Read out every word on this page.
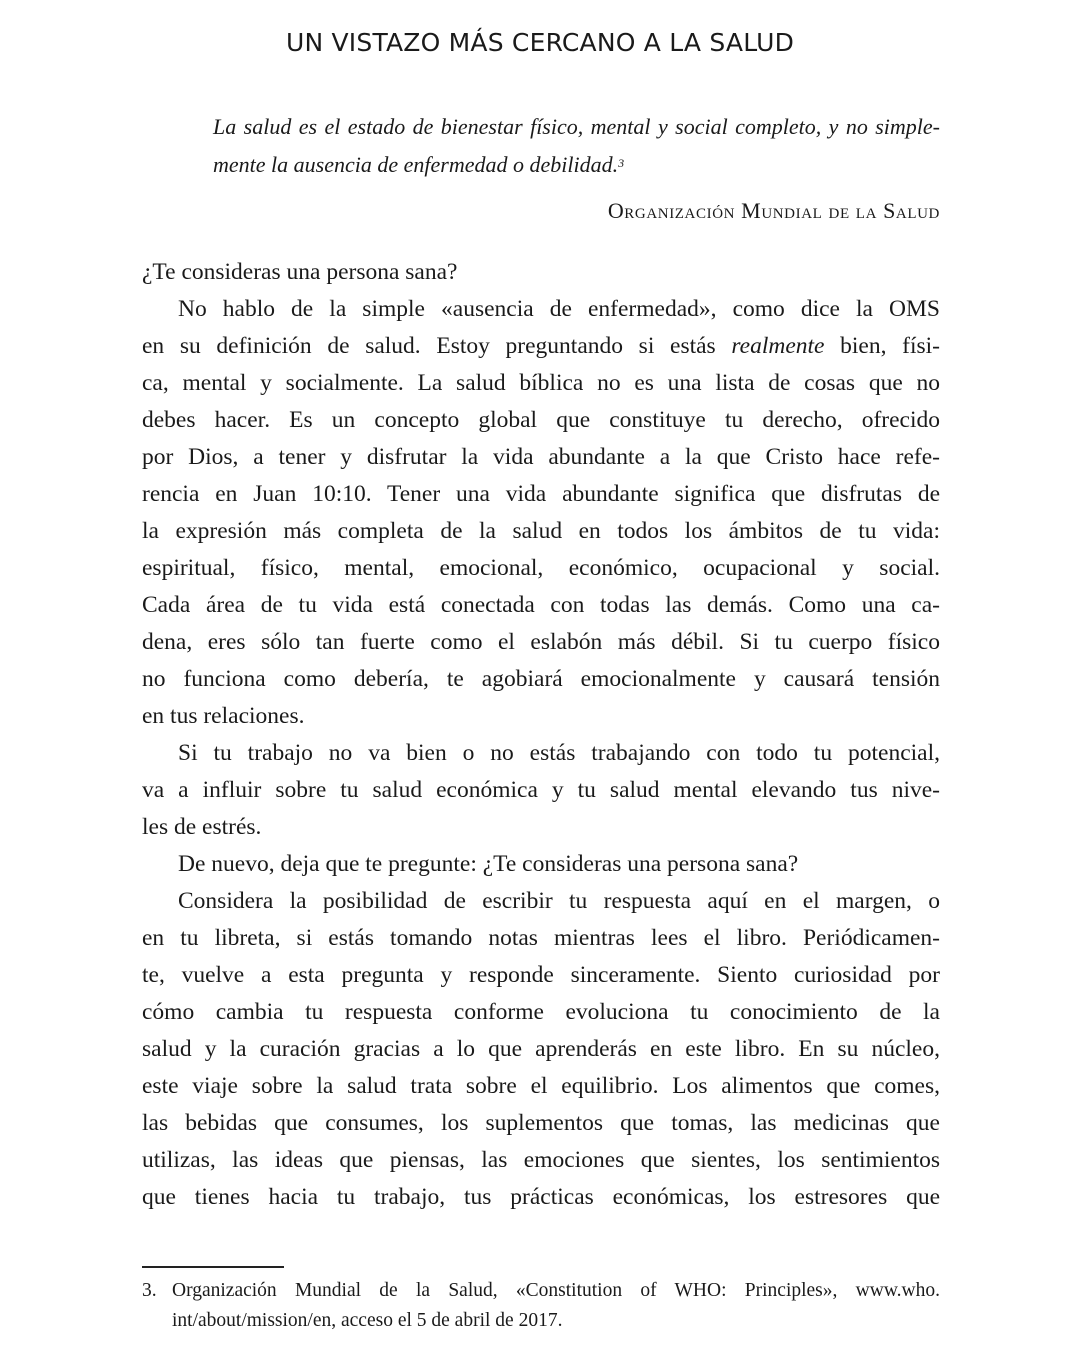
UN VISTAZO MÁS CERCANO A LA SALUD
La salud es el estado de bienestar físico, mental y social completo, y no simple-
mente la ausencia de enfermedad o debilidad.$^3$
Organización Mundial de la Salud
¿Te consideras una persona sana?
No hablo de la simple «ausencia de enfermedad», como dice la OMS
en su definición de salud. Estoy preguntando si estás realmente bien, físi-
ca, mental y socialmente. La salud bíblica no es una lista de cosas que no
debes hacer. Es un concepto global que constituye tu derecho, ofrecido
por Dios, a tener y disfrutar la vida abundante a la que Cristo hace refe-
rencia en Juan 10:10. Tener una vida abundante significa que disfrutas de
la expresión más completa de la salud en todos los ámbitos de tu vida:
espiritual, físico, mental, emocional, económico, ocupacional y social.
Cada área de tu vida está conectada con todas las demás. Como una ca-
dena, eres sólo tan fuerte como el eslabón más débil. Si tu cuerpo físico
no funciona como debería, te agobiará emocionalmente y causará tensión
en tus relaciones.
Si tu trabajo no va bien o no estás trabajando con todo tu potencial,
va a influir sobre tu salud económica y tu salud mental elevando tus nive-
les de estrés.
De nuevo, deja que te pregunte: ¿Te consideras una persona sana?
Considera la posibilidad de escribir tu respuesta aquí en el margen, o
en tu libreta, si estás tomando notas mientras lees el libro. Periódicamen-
te, vuelve a esta pregunta y responde sinceramente. Siento curiosidad por
cómo cambia tu respuesta conforme evoluciona tu conocimiento de la
salud y la curación gracias a lo que aprenderás en este libro. En su núcleo,
este viaje sobre la salud trata sobre el equilibrio. Los alimentos que comes,
las bebidas que consumes, los suplementos que tomas, las medicinas que
utilizas, las ideas que piensas, las emociones que sientes, los sentimientos
que tienes hacia tu trabajo, tus prácticas económicas, los estresores que
3. Organización Mundial de la Salud, «Constitution of WHO: Principles», www.who.
int/about/mission/en, acceso el 5 de abril de 2017.
